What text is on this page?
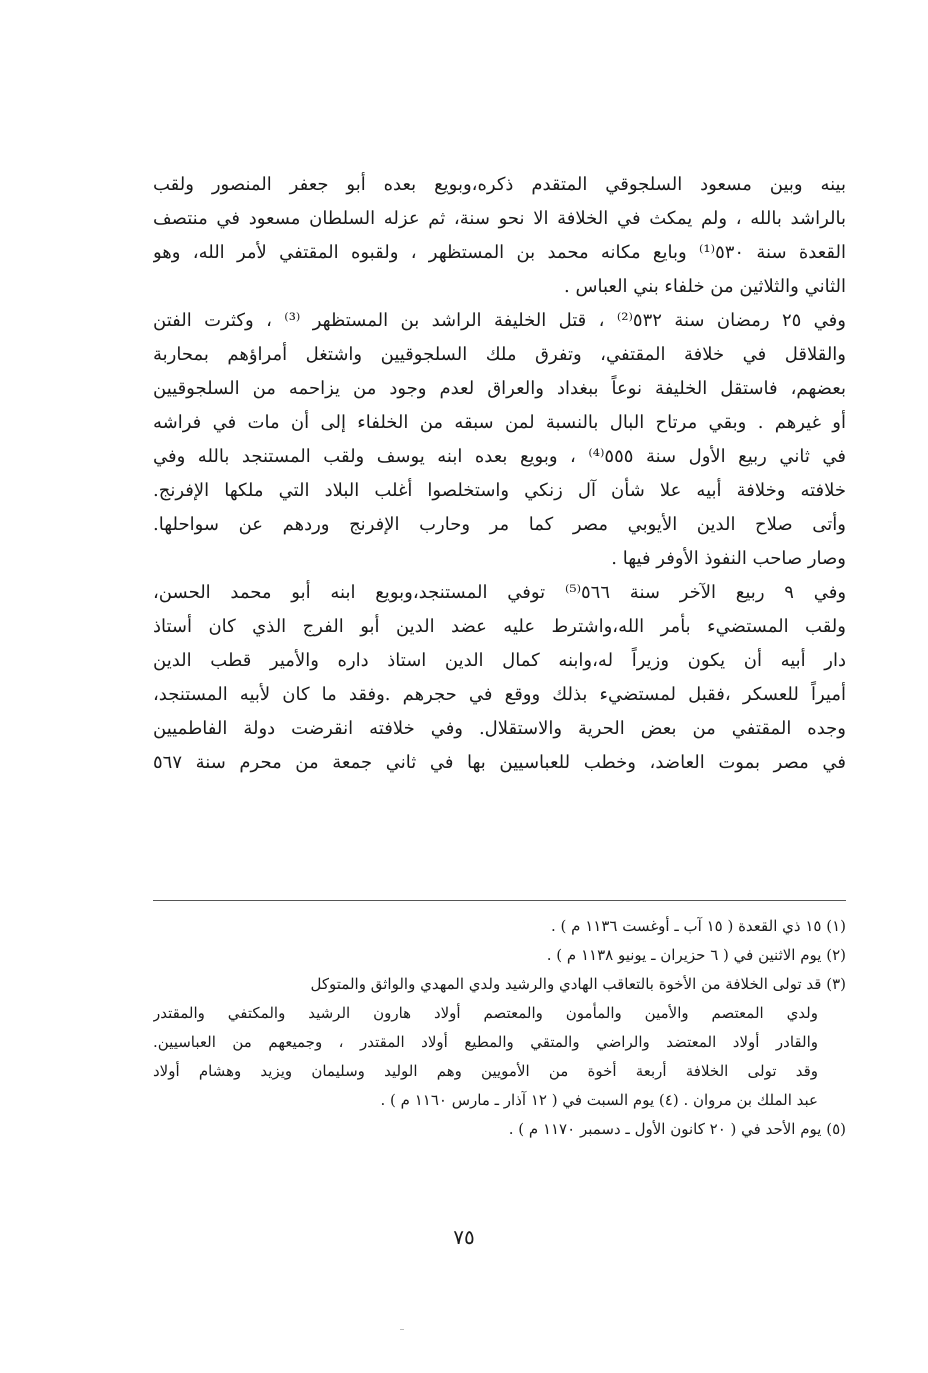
بينه وبين مسعود السلجوقي المتقدم ذكره،وبويع بعده أبو جعفر المنصور ولقب
بالراشد بالله ، ولم يمكث في الخلافة الا نحو سنة، ثم عزله السلطان مسعود في منتصف
القعدة سنة ٥٣٠⁽¹⁾ وبايع مكانه محمد بن المستظهر ، ولقبوه المقتفي لأمر الله، وهو
الثاني والثلاثين من خلفاء بني العباس .
وفي ٢٥ رمضان سنة ٥٣٢⁽²⁾ ، قتل الخليفة الراشد بن المستظهر ⁽³⁾ ، وكثرت الفتن
والقلاقل في خلافة المقتفي، وتفرق ملك السلجوقيين واشتغل أمراؤهم بمحاربة
بعضهم، فاستقل الخليفة نوعاً ببغداد والعراق لعدم وجود من يزاحمه من السلجوقيين
أو غيرهم . وبقي مرتاح البال بالنسبة لمن سبقه من الخلفاء إلى أن مات في فراشه
في ثاني ربيع الأول سنة ٥٥٥⁽⁴⁾ ، وبويع بعده ابنه يوسف ولقب المستنجد بالله وفي
خلافته وخلافة أبيه علا شأن آل زنكي واستخلصوا أغلب البلاد التي ملكها الإفرنج.
وأتى صلاح الدين الأيوبي مصر كما مر وحارب الإفرنج وردهم عن سواحلها.
وصار صاحب النفوذ الأوفر فيها .
وفي ٩ ربيع الآخر سنة ٥٦٦⁽⁵⁾ توفي المستنجد،وبويع ابنه أبو محمد الحسن،
ولقب المستضيء بأمر الله،واشترط عليه عضد الدين أبو الفرج الذي كان أستاذ
دار أبيه أن يكون وزيراً له،وابنه كمال الدين استاذ داره والأمير قطب الدين
أميراً للعسكر ،فقبل لمستضيء بذلك ووقع في حجرهم .وفقد ما كان لأبيه المستنجد،
وجده المقتفي من بعض الحرية والاستقلال. وفي خلافته انقرضت دولة الفاطميين
في مصر بموت العاضد، وخطب للعباسيين بها في ثاني جمعة من محرم سنة ٥٦٧
(١) ١٥ ذي القعدة ( ١٥ آب ـ أوغست ١١٣٦ م ) .
(٢) يوم الاثنين في ( ٦ حزيران ـ يونيو ١١٣٨ م ) .
(٣) قد تولى الخلافة من الأخوة بالتعاقب الهادي والرشيد ولدي المهدي والواثق والمتوكل
ولدي المعتصم والأمين والمأمون والمعتصم أولاد هارون الرشيد والمكتفي والمقتدر
والقادر أولاد المعتضد والراضي والمتقي والمطيع أولاد المقتدر ، وجميعهم من العباسيين.
وقد تولى الخلافة أربعة أخوة من الأمويين وهم الوليد وسليمان ويزيد وهشام أولاد
عبد الملك بن مروان . (٤) يوم السبت في ( ١٢ آذار ـ مارس ١١٦٠ م ) .
(٥) يوم الأحد في ( ٢٠ كانون الأول ـ دسمبر ١١٧٠ م ) .
٧٥
